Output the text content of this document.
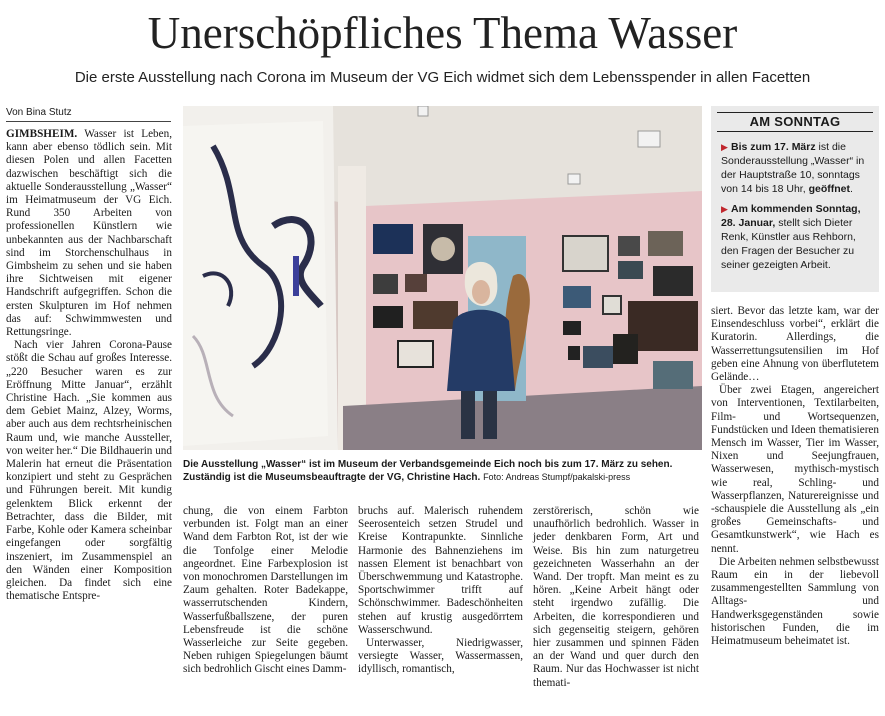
Unerschöpfliches Thema Wasser
Die erste Ausstellung nach Corona im Museum der VG Eich widmet sich dem Lebensspender in allen Facetten
Von Bina Stutz

GIMBSHEIM. Wasser ist Leben, kann aber ebenso tödlich sein. Mit diesen Polen und allen Facetten dazwischen beschäftigt sich die aktuelle Sonderausstellung „Wasser“ im Heimatmuseum der VG Eich. Rund 350 Arbeiten von professionellen Künstlern wie unbekannten aus der Nachbarschaft sind im Storchenschulhaus in Gimbsheim zu sehen und sie haben ihre Sichtweisen mit eigener Handschrift aufgegriffen. Schon die ersten Skulpturen im Hof nehmen das auf: Schwimmwesten und Rettungsringe.

Nach vier Jahren Corona-Pause stößt die Schau auf großes Interesse. „220 Besucher waren es zur Eröffnung Mitte Januar“, erzählt Christine Hach. „Sie kommen aus dem Gebiet Mainz, Alzey, Worms, aber auch aus dem rechtsrheinischen Raum und, wie manche Aussteller, von weiter her.“ Die Bildhauerin und Malerin hat erneut die Präsentation konzipiert und steht zu Gesprächen und Führungen bereit. Mit kundig gelenktem Blick erkennt der Betrachter, dass die Bilder, mit Farbe, Kohle oder Kamera scheinbar eingefangen oder sorgfältig inszeniert, im Zusammenspiel an den Wänden einer Komposition gleichen. Da findet sich eine thematische Entspre-

Die Ausstellung „Wasser“ ist im Museum der Verbandsgemeinde Eich noch bis zum 17. März zu sehen. Zuständig ist die Museumsbeauftragte der VG, Christine Hach. Foto: Andreas Stumpf/pakalski-press

chung, die von einem Farbton verbunden ist. Folgt man an einer Wand dem Farbton Rot, ist der wie die Tonfolge einer Melodie angeordnet. Eine Farbexplosion ist von monochromen Darstellungen im Zaum gehalten. Roter Badekappe, wasserrutschenden Kindern, Wasserfußballszene, der puren Lebensfreude ist die schöne Wasserleiche zur Seite gegeben. Neben ruhigen Spiegelungen bäumt sich bedrohlich Gischt eines Damm-

bruchs auf. Malerisch ruhendem Seerosenteich setzen Strudel und Kreise Kontrapunkte. Sinnliche Harmonie des Bahnenziehens im nassen Element ist benachbart von Überschwemmung und Katastrophe. Sportschwimmer trifft auf Schönschwimmer. Badeschönheiten stehen auf krustig ausgedörrtem Wasserschwund.

Unterwasser, Niedrigwasser, versiegte Wasser, Wassermassen, idyllisch, romantisch,

zerstörerisch, schön wie unaufhörlich bedrohlich. Wasser in jeder denkbaren Form, Art und Weise. Bis hin zum naturgetreu gezeichneten Wasserhahn an der Wand. Der tropft. Man meint es zu hören. „Keine Arbeit hängt oder steht irgendwo zufällig. Die Arbeiten, die korrespondieren und sich gegenseitig steigern, gehören hier zusammen und spinnen Fäden an der Wand und quer durch den Raum. Nur das Hochwasser ist nicht themati-

AM SONNTAG
▶ Bis zum 17. März ist die Sonderausstellung „Wasser“ in der Hauptstraße 10, sonntags von 14 bis 18 Uhr, geöffnet.
▶ Am kommenden Sonntag, 28. Januar, stellt sich Dieter Renk, Künstler aus Rehborn, den Fragen der Besucher zu seiner gezeigten Arbeit.

siert. Bevor das letzte kam, war der Einsendeschluss vorbei“, erklärt die Kuratorin. Allerdings, die Wasserrettungsutensilien im Hof geben eine Ahnung von überflutetem Gelände…

Über zwei Etagen, angereichert von Interventionen, Textilarbeiten, Film- und Wortsequenzen, Fundstücken und Ideen thematisieren Mensch im Wasser, Tier im Wasser, Nixen und Seejungfrauen, Wasserwesen, mythisch-mystisch wie real, Schling- und Wasserpflanzen, Naturereignisse und -schauspiele die Ausstellung als „ein großes Gemeinschafts- und Gesamtkunstwerk“, wie Hach es nennt.

Die Arbeiten nehmen selbstbewusst Raum ein in der liebevoll zusammengestellten Sammlung von Alltags- und Handwerksgegenständen sowie historischen Funden, die im Heimatmuseum beheimatet ist.
